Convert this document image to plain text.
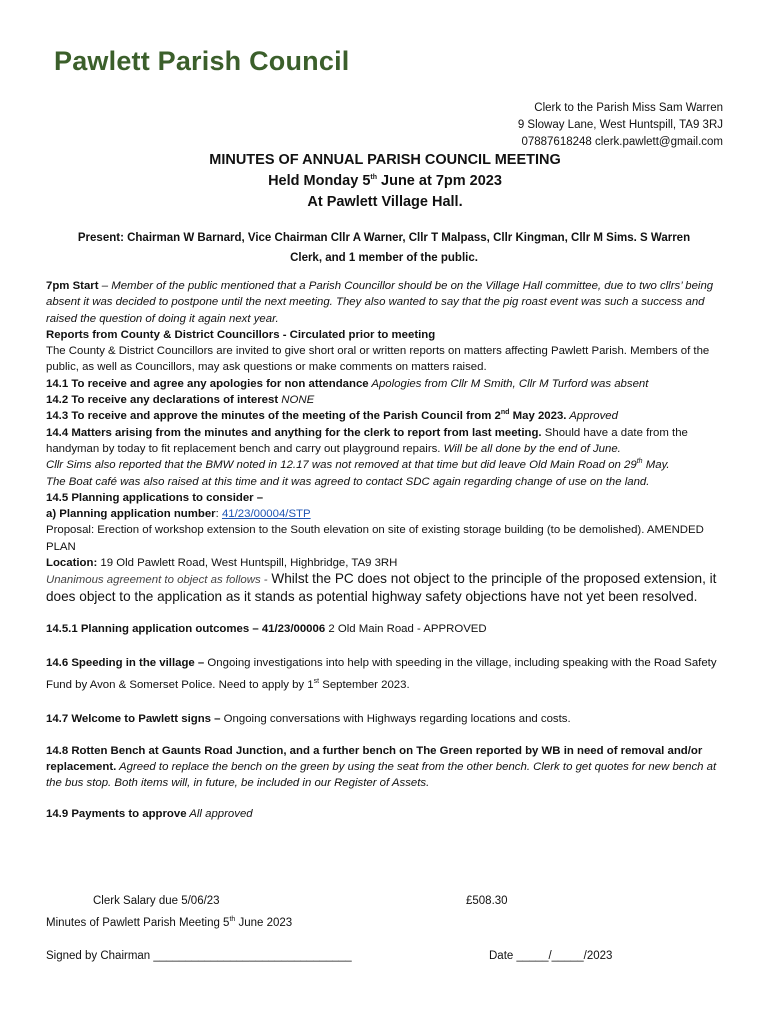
Pawlett Parish Council
Clerk to the Parish Miss Sam Warren
9 Sloway Lane, West Huntspill, TA9 3RJ
07887618248 clerk.pawlett@gmail.com
MINUTES OF ANNUAL PARISH COUNCIL MEETING
Held Monday 5th June at 7pm 2023
At Pawlett Village Hall.
Present: Chairman W Barnard, Vice Chairman Cllr A Warner, Cllr T Malpass, Cllr Kingman, Cllr M Sims. S Warren
Clerk, and 1 member of the public.

7pm Start – Member of the public mentioned that a Parish Councillor should be on the Village Hall committee, due to two cllrs’ being absent it was decided to postpone until the next meeting. They also wanted to say that the pig roast event was such a success and raised the question of doing it again next year.

Reports from County & District Councillors - Circulated prior to meeting

The County & District Councillors are invited to give short oral or written reports on matters affecting Pawlett Parish. Members of the public, as well as Councillors, may ask questions or make comments on matters raised.

14.1 To receive and agree any apologies for non attendance Apologies from Cllr M Smith, Cllr M Turford was absent

14.2 To receive any declarations of interest NONE

14.3 To receive and approve the minutes of the meeting of the Parish Council from 2nd May 2023. Approved

14.4 Matters arising from the minutes and anything for the clerk to report from last meeting. Should have a date from the handyman by today to fit replacement bench and carry out playground repairs. Will be all done by the end of June.

Cllr Sims also reported that the BMW noted in 12.17 was not removed at that time but did leave Old Main Road on 29th May.

The Boat café was also raised at this time and it was agreed to contact SDC again regarding change of use on the land.

14.5 Planning applications to consider –

a) Planning application number: 41/23/00004/STP

Proposal: Erection of workshop extension to the South elevation on site of existing storage building (to be demolished). AMENDED PLAN

Location: 19 Old Pawlett Road, West Huntspill, Highbridge, TA9 3RH

Unanimous agreement to object as follows - Whilst the PC does not object to the principle of the proposed extension, it does object to the application as it stands as potential highway safety objections have not yet been resolved.

14.5.1 Planning application outcomes – 41/23/00006 2 Old Main Road - APPROVED

14.6 Speeding in the village – Ongoing investigations into help with speeding in the village, including speaking with the Road Safety Fund by Avon & Somerset Police. Need to apply by 1st September 2023.

14.7 Welcome to Pawlett signs – Ongoing conversations with Highways regarding locations and costs.

14.8 Rotten Bench at Gaunts Road Junction, and a further bench on The Green reported by WB in need of removal and/or replacement. Agreed to replace the bench on the green by using the seat from the other bench. Clerk to get quotes for new bench at the bus stop. Both items will, in future, be included in our Register of Assets.

14.9 Payments to approve All approved

Clerk Salary due 5/06/23	£508.30
Minutes of Pawlett Parish Meeting 5th June 2023
Signed by Chairman _______________________________	Date _____/_____/2023
